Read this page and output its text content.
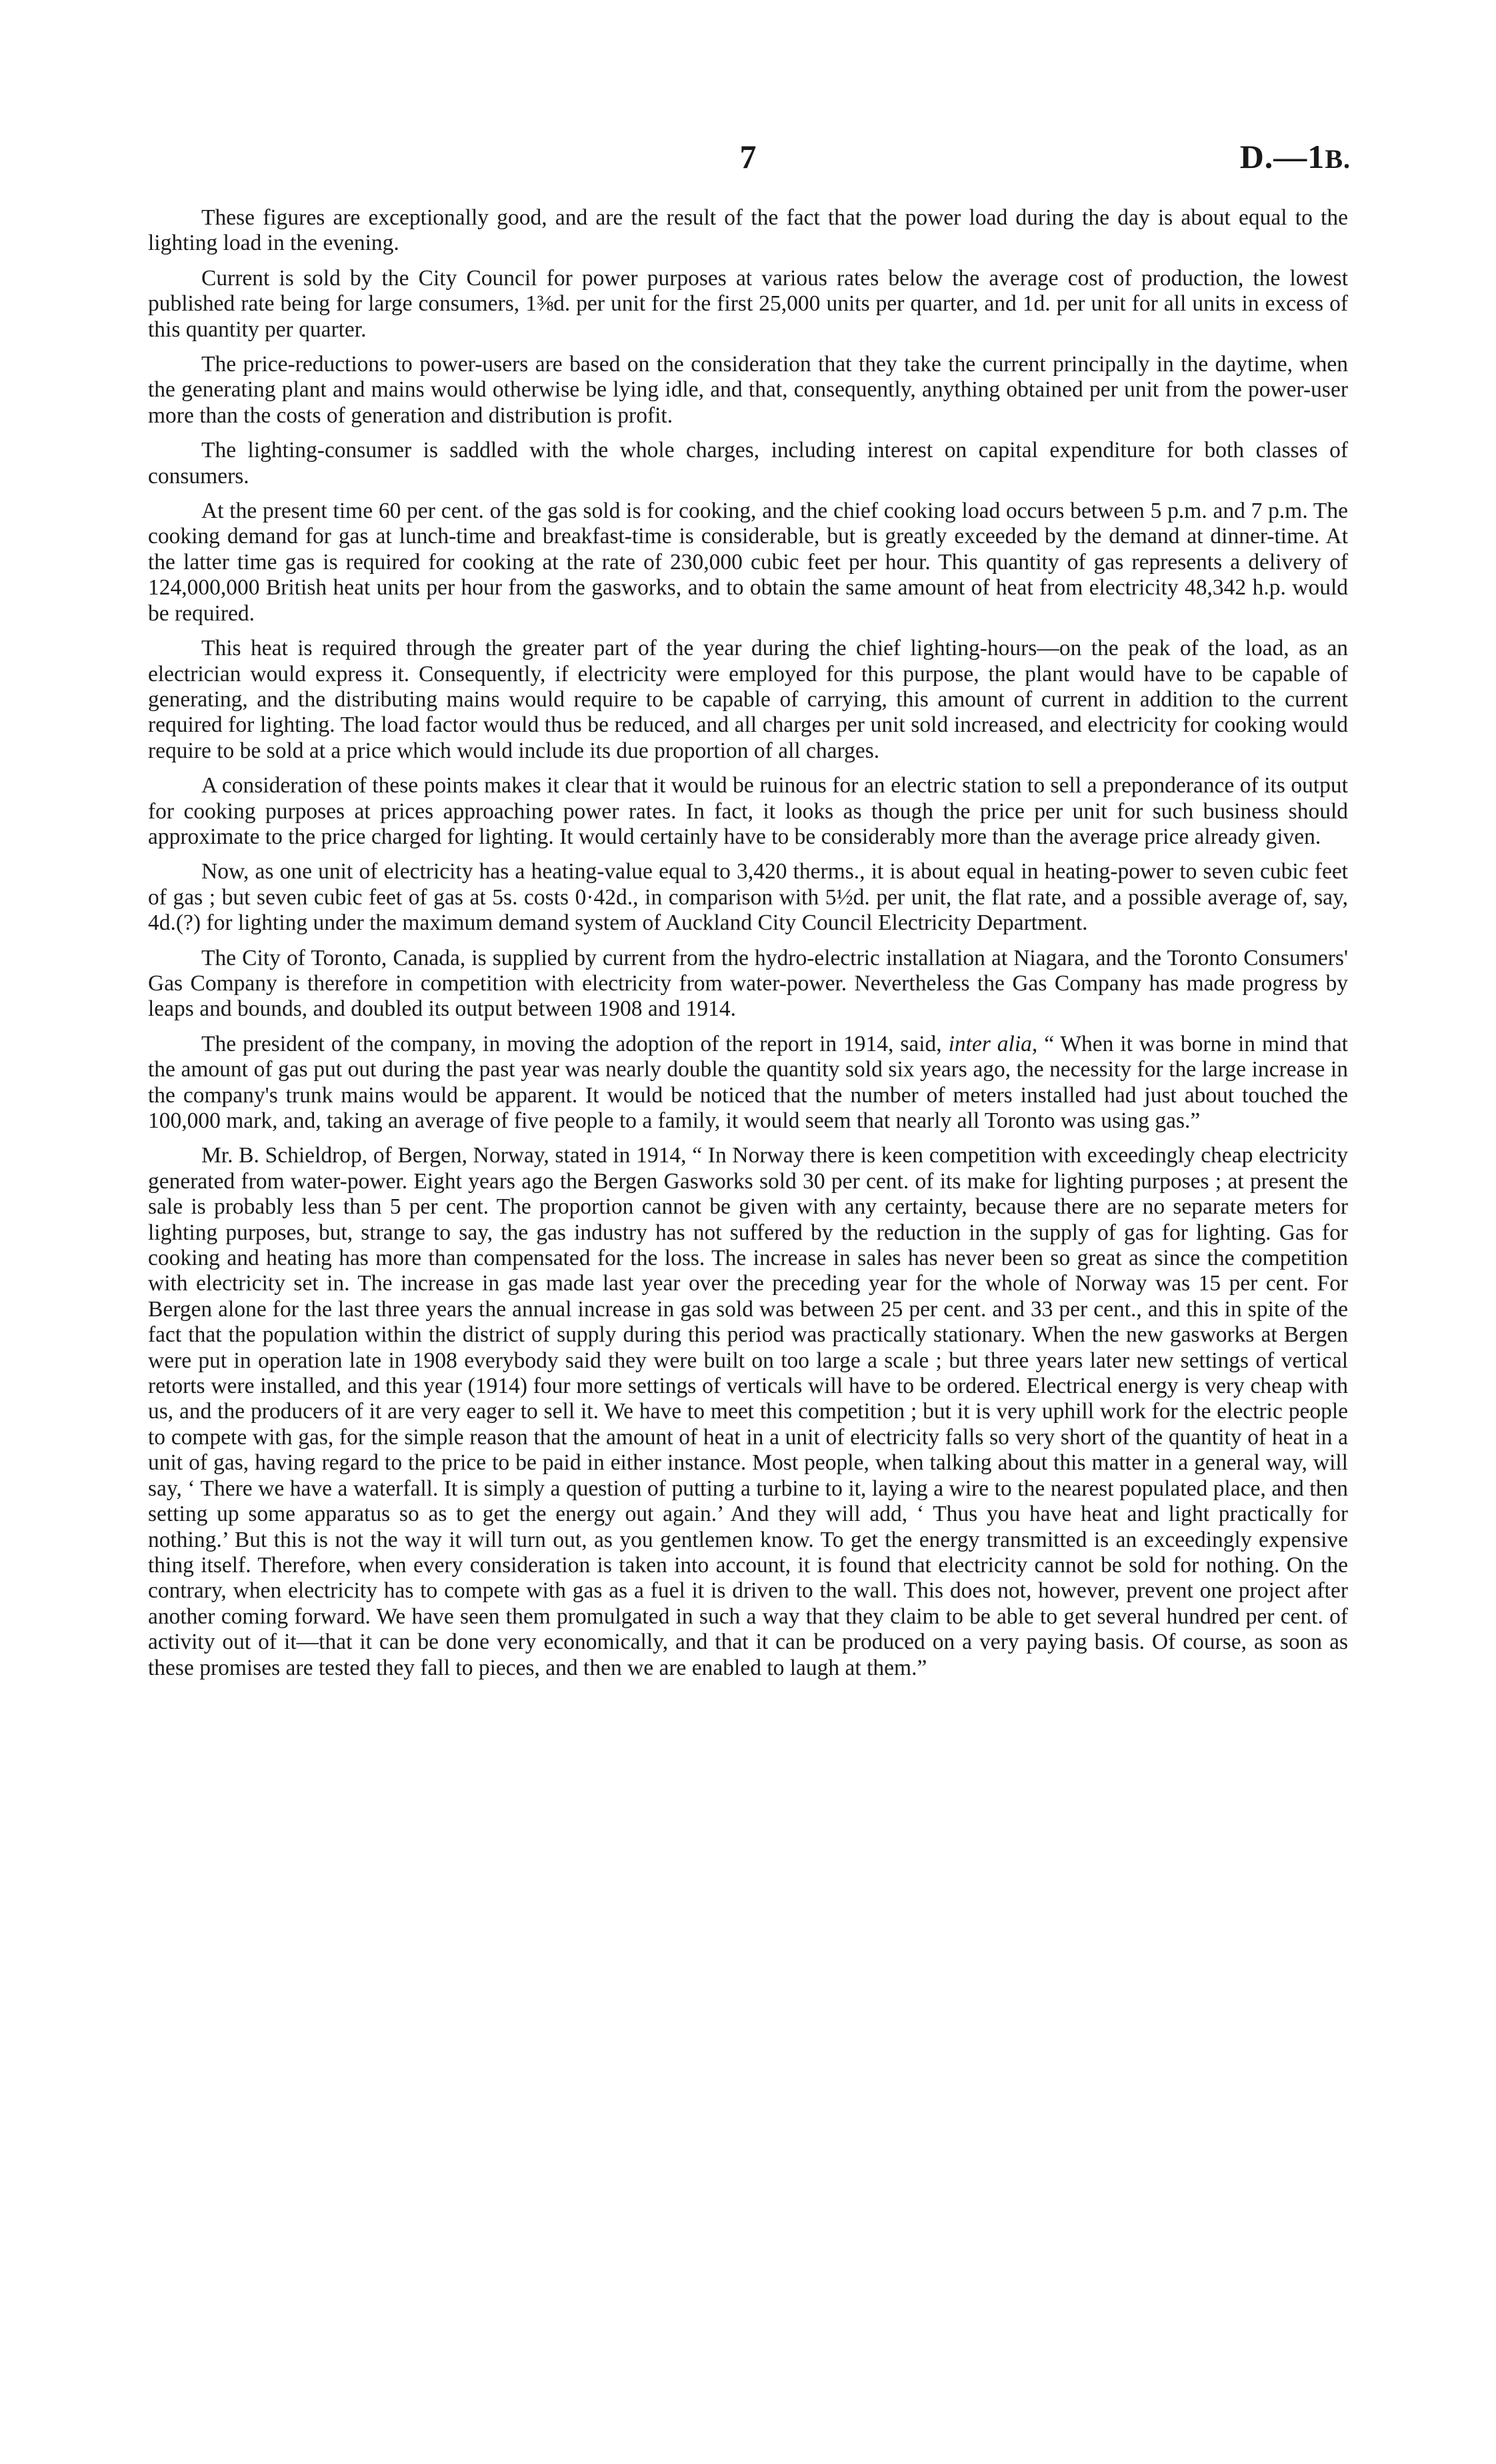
7	D.—1B.

These figures are exceptionally good, and are the result of the fact that the power load during the day is about equal to the lighting load in the evening.

Current is sold by the City Council for power purposes at various rates below the average cost of production, the lowest published rate being for large consumers, 1⅜d. per unit for the first 25,000 units per quarter, and 1d. per unit for all units in excess of this quantity per quarter.

The price-reductions to power-users are based on the consideration that they take the current principally in the daytime, when the generating plant and mains would otherwise be lying idle, and that, consequently, anything obtained per unit from the power-user more than the costs of generation and distribution is profit.

The lighting-consumer is saddled with the whole charges, including interest on capital expenditure for both classes of consumers.

At the present time 60 per cent. of the gas sold is for cooking, and the chief cooking load occurs between 5 p.m. and 7 p.m. The cooking demand for gas at lunch-time and breakfast-time is considerable, but is greatly exceeded by the demand at dinner-time. At the latter time gas is required for cooking at the rate of 230,000 cubic feet per hour. This quantity of gas represents a delivery of 124,000,000 British heat units per hour from the gasworks, and to obtain the same amount of heat from electricity 48,342 h.p. would be required.

This heat is required through the greater part of the year during the chief lighting-hours—on the peak of the load, as an electrician would express it. Consequently, if electricity were employed for this purpose, the plant would have to be capable of generating, and the distributing mains would require to be capable of carrying, this amount of current in addition to the current required for lighting. The load factor would thus be reduced, and all charges per unit sold increased, and electricity for cooking would require to be sold at a price which would include its due proportion of all charges.

A consideration of these points makes it clear that it would be ruinous for an electric station to sell a preponderance of its output for cooking purposes at prices approaching power rates. In fact, it looks as though the price per unit for such business should approximate to the price charged for lighting. It would certainly have to be considerably more than the average price already given.

Now, as one unit of electricity has a heating-value equal to 3,420 therms., it is about equal in heating-power to seven cubic feet of gas ; but seven cubic feet of gas at 5s. costs 0·42d., in comparison with 5½d. per unit, the flat rate, and a possible average of, say, 4d.(?) for lighting under the maximum demand system of Auckland City Council Electricity Department.

The City of Toronto, Canada, is supplied by current from the hydro-electric installation at Niagara, and the Toronto Consumers' Gas Company is therefore in competition with electricity from water-power. Nevertheless the Gas Company has made progress by leaps and bounds, and doubled its output between 1908 and 1914.

The president of the company, in moving the adoption of the report in 1914, said, inter alia, “ When it was borne in mind that the amount of gas put out during the past year was nearly double the quantity sold six years ago, the necessity for the large increase in the company's trunk mains would be apparent. It would be noticed that the number of meters installed had just about touched the 100,000 mark, and, taking an average of five people to a family, it would seem that nearly all Toronto was using gas.”

Mr. B. Schieldrop, of Bergen, Norway, stated in 1914, “ In Norway there is keen competition with exceedingly cheap electricity generated from water-power. Eight years ago the Bergen Gasworks sold 30 per cent. of its make for lighting purposes ; at present the sale is probably less than 5 per cent. The proportion cannot be given with any certainty, because there are no separate meters for lighting purposes, but, strange to say, the gas industry has not suffered by the reduction in the supply of gas for lighting. Gas for cooking and heating has more than compensated for the loss. The increase in sales has never been so great as since the competition with electricity set in. The increase in gas made last year over the preceding year for the whole of Norway was 15 per cent. For Bergen alone for the last three years the annual increase in gas sold was between 25 per cent. and 33 per cent., and this in spite of the fact that the population within the district of supply during this period was practically stationary. When the new gasworks at Bergen were put in operation late in 1908 everybody said they were built on too large a scale ; but three years later new settings of vertical retorts were installed, and this year (1914) four more settings of verticals will have to be ordered. Electrical energy is very cheap with us, and the producers of it are very eager to sell it. We have to meet this competition ; but it is very uphill work for the electric people to compete with gas, for the simple reason that the amount of heat in a unit of electricity falls so very short of the quantity of heat in a unit of gas, having regard to the price to be paid in either instance. Most people, when talking about this matter in a general way, will say, ‘ There we have a waterfall. It is simply a question of putting a turbine to it, laying a wire to the nearest populated place, and then setting up some apparatus so as to get the energy out again.’ And they will add, ‘ Thus you have heat and light practically for nothing.’ But this is not the way it will turn out, as you gentlemen know. To get the energy transmitted is an exceedingly expensive thing itself. Therefore, when every consideration is taken into account, it is found that electricity cannot be sold for nothing. On the contrary, when electricity has to compete with gas as a fuel it is driven to the wall. This does not, however, prevent one project after another coming forward. We have seen them promulgated in such a way that they claim to be able to get several hundred per cent. of activity out of it—that it can be done very economically, and that it can be produced on a very paying basis. Of course, as soon as these promises are tested they fall to pieces, and then we are enabled to laugh at them.”
